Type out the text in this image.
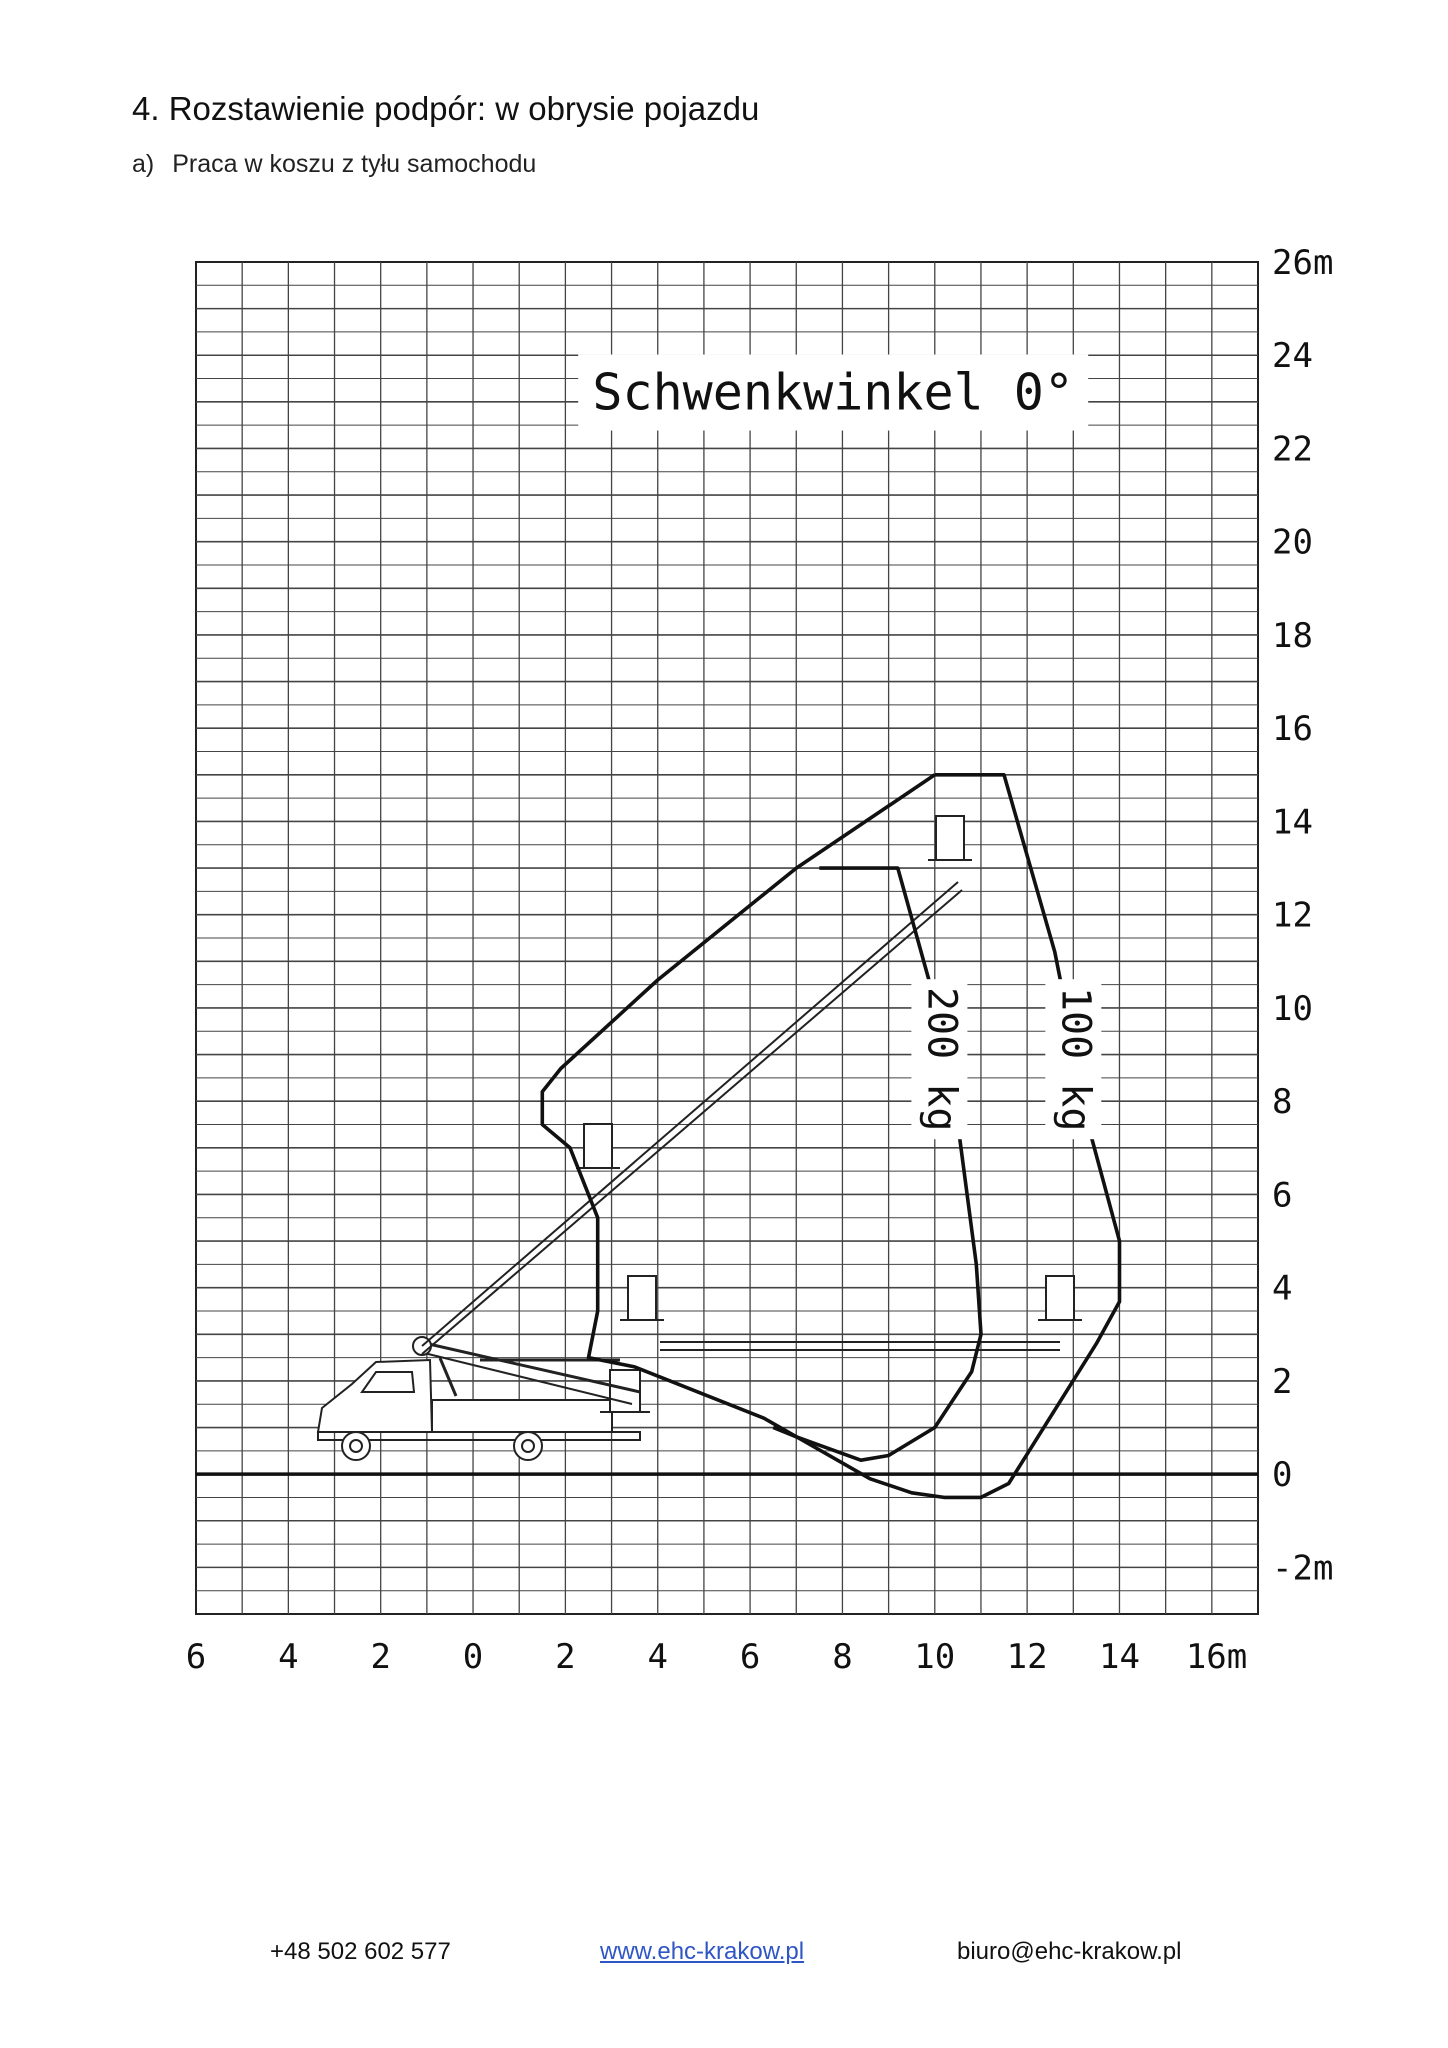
4. Rozstawienie podpór: w obrysie pojazdu

a) Praca w koszu z tyłu samochodu

Schwenkwinkel 0°
6 4 2 0 2 4 6 8 10 12 14 16m
26m
24
22
20
18
16
14
12
10
8
6
4
2
0
-2m
200 kg 100 kg
+48 502 602 577	www.ehc-krakow.pl	biuro@ehc-krakow.pl
